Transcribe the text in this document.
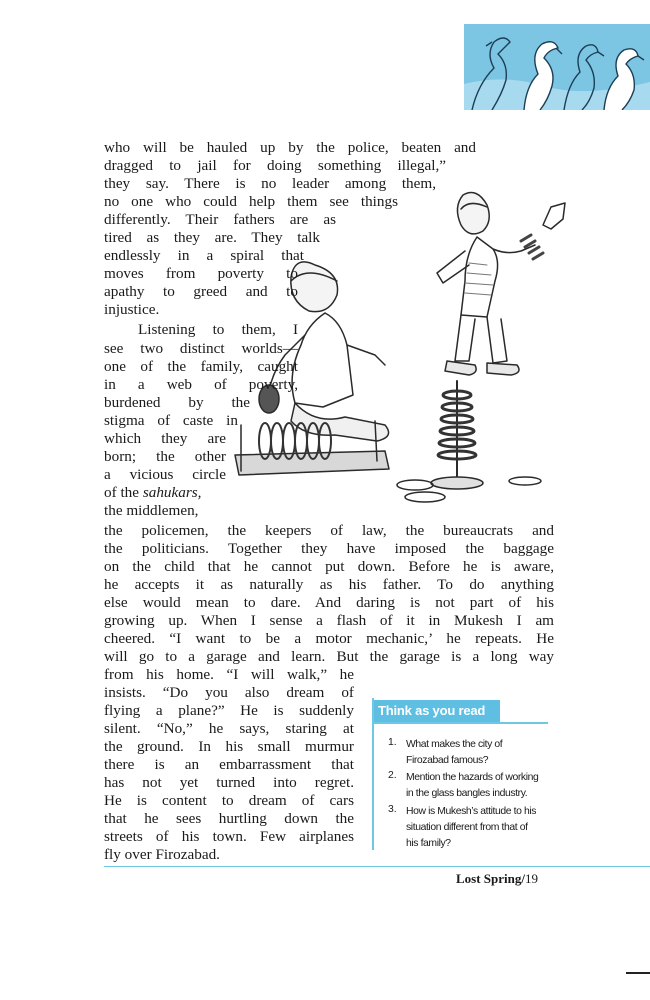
who will be hauled up by the police, beaten and

dragged to jail for doing something illegal,”

they say. There is no leader among them,

no one who could help them see things

differently. Their fathers are as

tired as they are. They talk

endlessly in a spiral that

moves from poverty to

apathy to greed and to

injustice.

Listening to them, I

see two distinct worlds—

one of the family, caught

in a web of poverty,

burdened by the

stigma of caste in

which they are

born; the other

a vicious circle

of the sahukars,

the middlemen,

the policemen, the keepers of law, the bureaucrats and

the politicians. Together they have imposed the baggage

on the child that he cannot put down. Before he is aware,

he accepts it as naturally as his father. To do anything

else would mean to dare. And daring is not part of his

growing up. When I sense a flash of it in Mukesh I am

cheered. “I want to be a motor mechanic,’ he repeats. He

will go to a garage and learn. But the garage is a long way

from his home. “I will walk,” he

insists. “Do you also dream of

flying a plane?” He is suddenly

silent. “No,” he says, staring at

the ground. In his small murmur

there is an embarrassment that

has not yet turned into regret.

He is content to dream of cars

that he sees hurtling down the

streets of his town. Few airplanes

fly over Firozabad.

Think as you read
1. What makes the city of

Firozabad famous?

2. Mention the hazards of working

in the glass bangles industry.

3. How is Mukesh’s attitude to his

situation different from that of

his family?

Lost Spring/19
